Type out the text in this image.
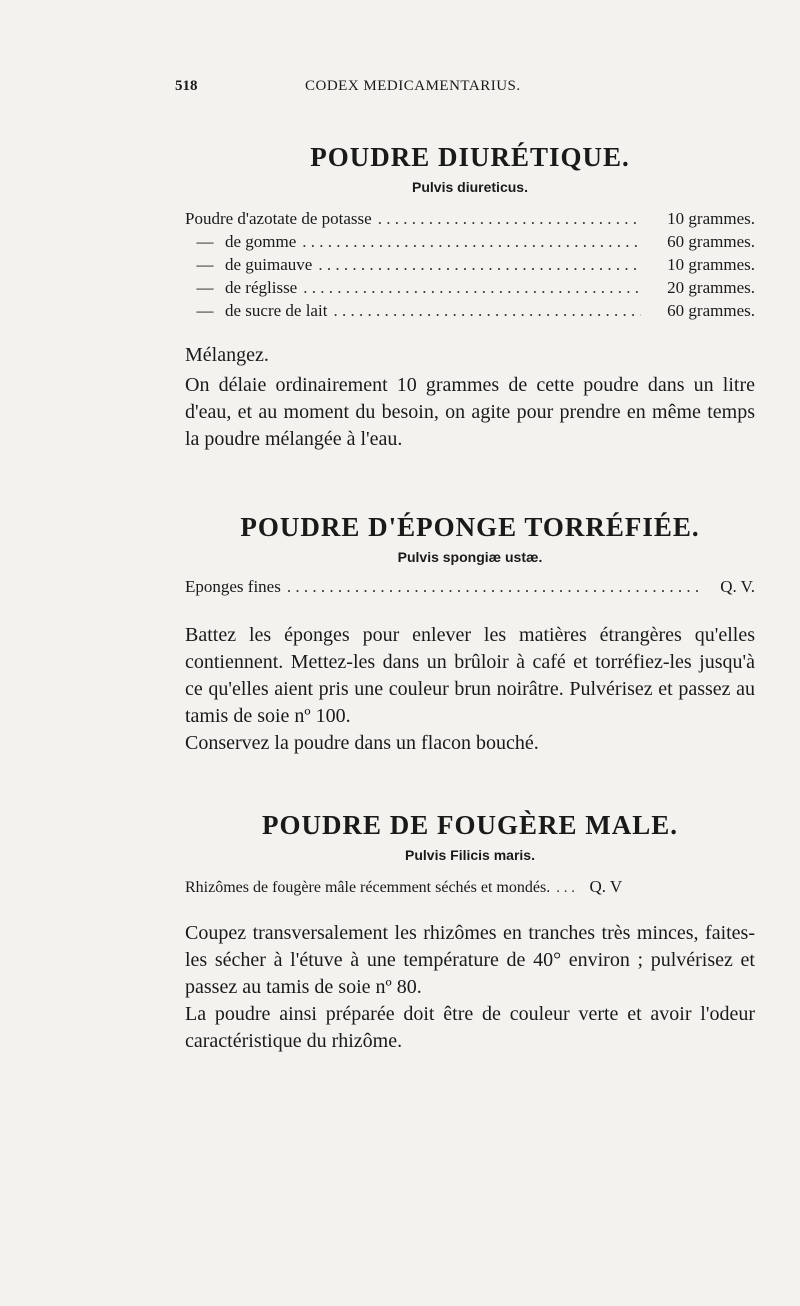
518	CODEX MEDICAMENTARIUS.
POUDRE DIURÉTIQUE.

Pulvis diureticus.

Poudre d'azotate de potasse . . .	10 grammes.
— de gomme . . .	60 grammes.
— de guimauve . . .	10 grammes.
— de réglisse . . .	20 grammes.
— de sucre de lait . . .	60 grammes.

Mélangez.

On délaie ordinairement 10 grammes de cette poudre dans un litre d'eau, et au moment du besoin, on agite pour prendre en même temps la poudre mélangée à l'eau.

POUDRE D'ÉPONGE TORRÉFIÉE.

Pulvis spongiæ ustæ.

Eponges fines . . .	Q. V.

Battez les éponges pour enlever les matières étrangères qu'elles contiennent. Mettez-les dans un brûloir à café et torréfiez-les jusqu'à ce qu'elles aient pris une couleur brun noirâtre. Pulvérisez et passez au tamis de soie nº 100.

Conservez la poudre dans un flacon bouché.

POUDRE DE FOUGÈRE MALE.

Pulvis Filicis maris.

Rhizômes de fougère mâle récemment séchés et mondés. . . .	Q. V

Coupez transversalement les rhizômes en tranches très minces, faites-les sécher à l'étuve à une température de 40° environ ; pulvérisez et passez au tamis de soie nº 80.

La poudre ainsi préparée doit être de couleur verte et avoir l'odeur caractéristique du rhizôme.
